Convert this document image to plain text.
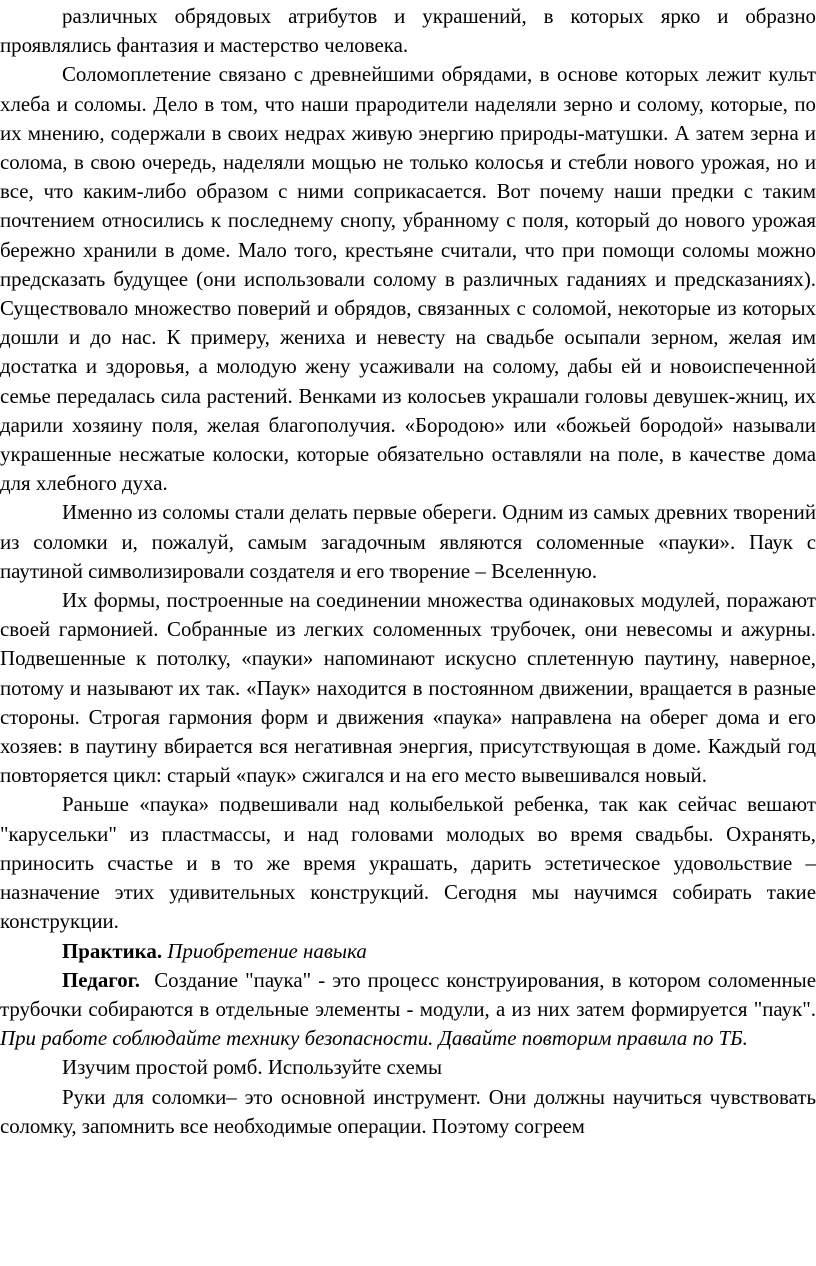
различных обрядовых атрибутов и украшений, в которых ярко и образно проявлялись фантазия и мастерство человека.

Соломоплетение связано с древнейшими обрядами, в основе которых лежит культ хлеба и соломы. Дело в том, что наши прародители наделяли зерно и солому, которые, по их мнению, содержали в своих недрах живую энергию природы-матушки. А затем зерна и солома, в свою очередь, наделяли мощью не только колосья и стебли нового урожая, но и все, что каким-либо образом с ними соприкасается. Вот почему наши предки с таким почтением относились к последнему снопу, убранному с поля, который до нового урожая бережно хранили в доме. Мало того, крестьяне считали, что при помощи соломы можно предсказать будущее (они использовали солому в различных гаданиях и предсказаниях). Существовало множество поверий и обрядов, связанных с соломой, некоторые из которых дошли и до нас. К примеру, жениха и невесту на свадьбе осыпали зерном, желая им достатка и здоровья, а молодую жену усаживали на солому, дабы ей и новоиспеченной семье передалась сила растений. Венками из колосьев украшали головы девушек-жниц, их дарили хозяину поля, желая благополучия. «Бородою» или «божьей бородой» называли украшенные несжатые колоски, которые обязательно оставляли на поле, в качестве дома для хлебного духа.

Именно из соломы стали делать первые обереги. Одним из самых древних творений из соломки и, пожалуй, самым загадочным являются соломенные «пауки». Паук с паутиной символизировали создателя и его творение – Вселенную.

Их формы, построенные на соединении множества одинаковых модулей, поражают своей гармонией. Собранные из легких соломенных трубочек, они невесомы и ажурны. Подвешенные к потолку, «пауки» напоминают искусно сплетенную паутину, наверное, потому и называют их так. «Паук» находится в постоянном движении, вращается в разные стороны. Строгая гармония форм и движения «паука» направлена на оберег дома и его хозяев: в паутину вбирается вся негативная энергия, присутствующая в доме. Каждый год повторяется цикл: старый «паук» сжигался и на его место вывешивался новый.

Раньше «паука» подвешивали над колыбелькой ребенка, так как сейчас вешают "карусельки" из пластмассы, и над головами молодых во время свадьбы. Охранять, приносить счастье и в то же время украшать, дарить эстетическое удовольствие – назначение этих удивительных конструкций. Сегодня мы научимся собирать такие конструкции.

Практика. Приобретение навыка

Педагог. Создание "паука" - это процесс конструирования, в котором соломенные трубочки собираются в отдельные элементы - модули, а из них затем формируется "паук". При работе соблюдайте технику безопасности. Давайте повторим правила по ТБ.

Изучим простой ромб. Используйте схемы

Руки для соломки– это основной инструмент. Они должны научиться чувствовать соломку, запомнить все необходимые операции. Поэтому согреем
